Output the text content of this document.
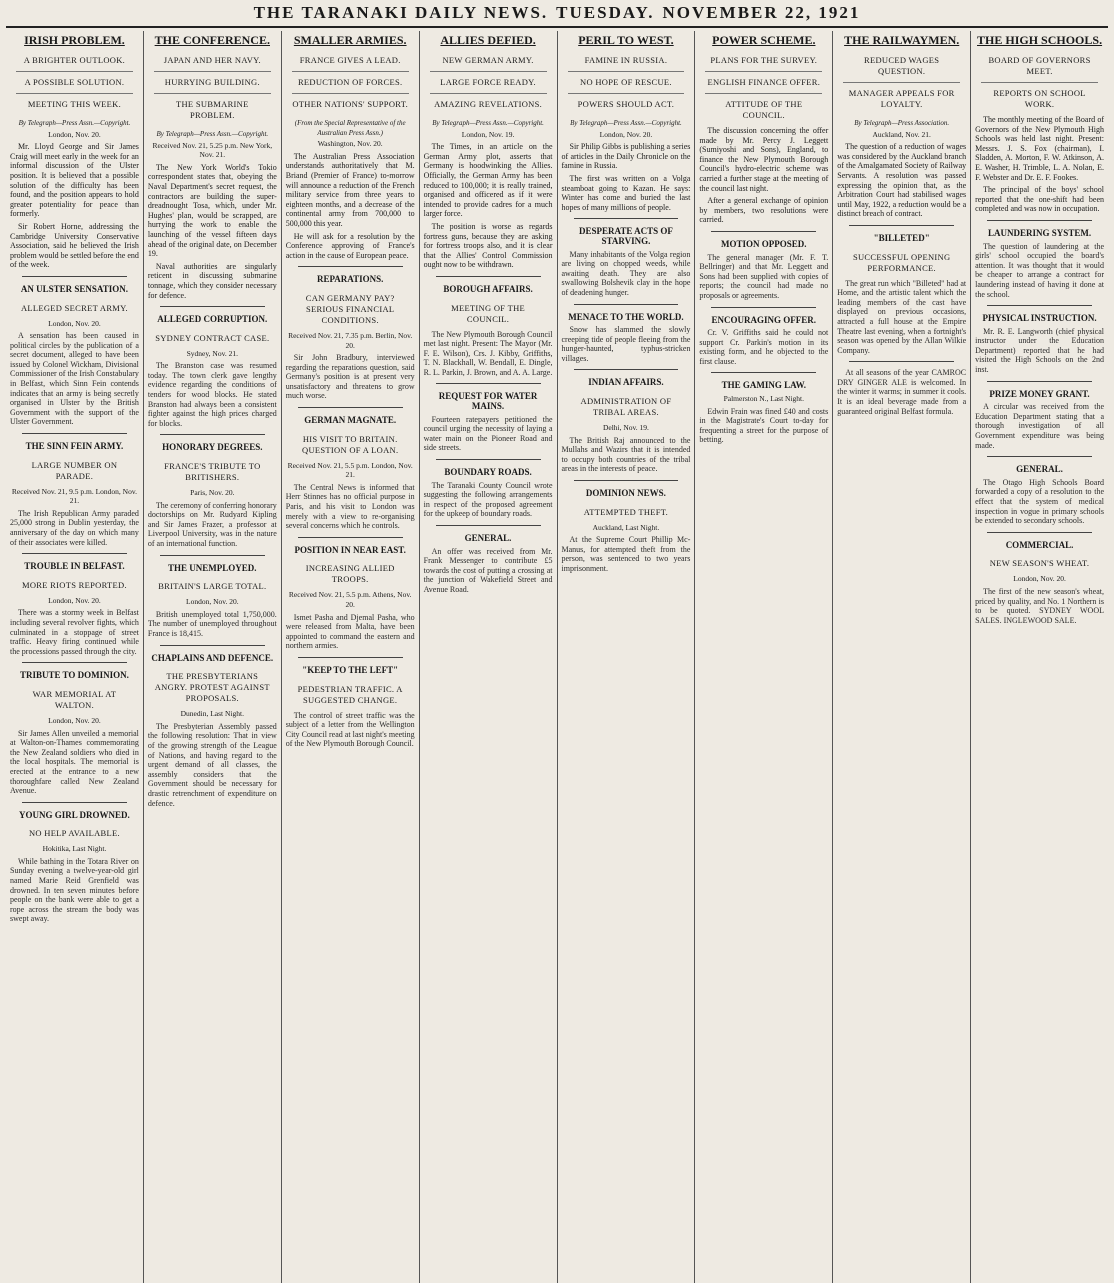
THE TARANAKI DAILY NEWS. TUESDAY. NOVEMBER 22, 1921
IRISH PROBLEM.
A BRIGHTER OUTLOOK.
A POSSIBLE SOLUTION.
MEETING THIS WEEK.
By Telegraph—Press Assn.—Copyright.
London, Nov. 20.

Mr. Lloyd George and Sir James Craig will meet early in the week for an informal discussion of the Ulster position. It is believed that a possible solution of the difficulty has been found, and the position appears to hold greater potentiality for peace than formerly.

Sir Robert Horne, addressing the Cambridge University Conservative Association, said he believed the Irish problem would be settled before the end of the week.

AN ULSTER SENSATION.
ALLEGED SECRET ARMY.
London, Nov. 20.

A sensation has been caused in political circles by the publication of a secret document, alleged to have been issued by Colonel Wickham, Divisional Commissioner of the Irish Constabulary in Belfast, which Sinn Fein contends indicates that an army is being secretly organised in Ulster by the British Government with the support of the Ulster Government.

THE SINN FEIN ARMY.
LARGE NUMBER ON PARADE.
Received Nov. 21, 9.5 p.m. London, Nov. 21.

The Irish Republican Army paraded 25,000 strong in Dublin yesterday, the anniversary of the day on which many of their associates were killed.

TROUBLE IN BELFAST.
MORE RIOTS REPORTED.
London, Nov. 20.

There was a stormy week in Belfast including several revolver fights, which culminated in a stoppage of street traffic. Heavy firing continued while the processions passed through the city.

TRIBUTE TO DOMINION.
WAR MEMORIAL AT WALTON.
London, Nov. 20.

Sir James Allen unveiled a memorial at Walton-on-Thames commemorating the New Zealand soldiers who died in the local hospitals. The memorial is erected at the entrance to a new thoroughfare called New Zealand Avenue.

YOUNG GIRL DROWNED.
NO HELP AVAILABLE.
Hokitika, Last Night.

While bathing in the Totara River on Sunday evening a twelve-year-old girl named Marie Reid Grenfield was drowned. In ten seven minutes before people on the bank were able to get a rope across the stream the body was swept away.

THE CONFERENCE.
JAPAN AND HER NAVY.
HURRYING BUILDING.
THE SUBMARINE PROBLEM.
By Telegraph—Press Assn.—Copyright.
Received Nov. 21, 5.25 p.m. New York, Nov. 21.

The New York World's Tokio correspondent states that, obeying the Naval Department's secret request, the contractors are building the super-dreadnought Tosa, which, under Mr. Hughes' plan, would be scrapped, are hurrying the work to enable the launching of the vessel fifteen days ahead of the original date, on December 19.

Naval authorities are singularly reticent in discussing submarine tonnage, which they consider necessary for defence.

ALLEGED CORRUPTION.
SYDNEY CONTRACT CASE.
Sydney, Nov. 21.

The Branston case was resumed today. The town clerk gave lengthy evidence regarding the conditions of tenders for wood blocks. He stated Branston had always been a consistent fighter against the high prices charged for blocks.

HONORARY DEGREES.
FRANCE'S TRIBUTE TO BRITISHERS.
Paris, Nov. 20.

The ceremony of conferring honorary doctorships on Mr. Rudyard Kipling and Sir James Frazer, a professor at Liverpool University, was in the nature of an international function.

THE UNEMPLOYED.
BRITAIN'S LARGE TOTAL.
London, Nov. 20.

British unemployed total 1,750,000. The number of unemployed throughout France is 18,415.

CHAPLAINS AND DEFENCE.
THE PRESBYTERIANS ANGRY. PROTEST AGAINST PROPOSALS.
Dunedin, Last Night.

The Presbyterian Assembly passed the following resolution: That in view of the growing strength of the League of Nations, and having regard to the urgent demand of all classes, the assembly considers that the Government should be necessary for drastic retrenchment of expenditure on defence.

SMALLER ARMIES.
FRANCE GIVES A LEAD.
REDUCTION OF FORCES.
OTHER NATIONS' SUPPORT.
(From the Special Representative of the Australian Press Assn.)
Washington, Nov. 20.

The Australian Press Association understands authoritatively that M. Briand (Premier of France) to-morrow will announce a reduction of the French military service from three years to eighteen months, and a decrease of the continental army from 700,000 to 500,000 this year.

He will ask for a resolution by the Conference approving of France's action in the cause of European peace.

REPARATIONS.
CAN GERMANY PAY? SERIOUS FINANCIAL CONDITIONS.
Received Nov. 21, 7.35 p.m. Berlin, Nov. 20.

Sir John Bradbury, interviewed regarding the reparations question, said Germany's position is at present very unsatisfactory and threatens to grow much worse.

GERMAN MAGNATE.
HIS VISIT TO BRITAIN. QUESTION OF A LOAN.
Received Nov. 21, 5.5 p.m. London, Nov. 21.

The Central News is informed that Herr Stinnes has no official purpose in Paris, and his visit to London was merely with a view to re-organising several concerns which he controls.

POSITION IN NEAR EAST.
INCREASING ALLIED TROOPS.
Received Nov. 21, 5.5 p.m. Athens, Nov. 20.

Ismet Pasha and Djemal Pasha, who were released from Malta, have been appointed to command the eastern and northern armies.

"KEEP TO THE LEFT"
PEDESTRIAN TRAFFIC. A SUGGESTED CHANGE.

The control of street traffic was the subject of a letter from the Wellington City Council read at last night's meeting of the New Plymouth Borough Council.

ALLIES DEFIED.
NEW GERMAN ARMY.
LARGE FORCE READY.
AMAZING REVELATIONS.
By Telegraph—Press Assn.—Copyright.
London, Nov. 19.

The Times, in an article on the German Army plot, asserts that Germany is hoodwinking the Allies. Officially, the German Army has been reduced to 100,000; it is really trained, organised and officered as if it were intended to provide cadres for a much larger force.

The position is worse as regards fortress guns, because they are asking for fortress troops also, and it is clear that the Allies' Control Commission ought now to be withdrawn.

BOROUGH AFFAIRS.
MEETING OF THE COUNCIL.

The New Plymouth Borough Council met last night. Present: The Mayor (Mr. F. E. Wilson), Crs. J. Kibby, Griffiths, T. N. Blackhall, W. Bendall, E. Dingle, R. L. Parkin, J. Brown, and A. A. Large.

REQUEST FOR WATER MAINS.

Fourteen ratepayers petitioned the council urging the necessity of laying a water main on the Pioneer Road and side streets.

BOUNDARY ROADS.

The Taranaki County Council wrote suggesting the following arrangements in respect of the proposed agreement for the upkeep of boundary roads.

GENERAL.

An offer was received from Mr. Frank Messenger to contribute £5 towards the cost of putting a crossing at the junction of Wakefield Street and Avenue Road.

PERIL TO WEST.
FAMINE IN RUSSIA.
NO HOPE OF RESCUE.
POWERS SHOULD ACT.
By Telegraph—Press Assn.—Copyright.
London, Nov. 20.

Sir Philip Gibbs is publishing a series of articles in the Daily Chronicle on the famine in Russia.

The first was written on a Volga steamboat going to Kazan. He says: Winter has come and buried the last hopes of many millions of people.

DESPERATE ACTS OF STARVING.

Many inhabitants of the Volga region are living on chopped weeds, while awaiting death. They are also swallowing Bolshevik clay in the hope of deadening hunger.

MENACE TO THE WORLD.

Snow has slammed the slowly creeping tide of people fleeing from the hunger-haunted, typhus-stricken villages.

INDIAN AFFAIRS.
ADMINISTRATION OF TRIBAL AREAS.
Delhi, Nov. 19.

The British Raj announced to the Mullahs and Wazirs that it is intended to occupy both countries of the tribal areas in the interests of peace.

DOMINION NEWS.
ATTEMPTED THEFT.
Auckland, Last Night.

At the Supreme Court Phillip Mc-Manus, for attempted theft from the person, was sentenced to two years imprisonment.

POWER SCHEME.
PLANS FOR THE SURVEY.
ENGLISH FINANCE OFFER.
ATTITUDE OF THE COUNCIL.

The discussion concerning the offer made by Mr. Percy J. Leggett (Sumiyoshi and Sons), England, to finance the New Plymouth Borough Council's hydro-electric scheme was carried a further stage at the meeting of the council last night.

After a general exchange of opinion by members, two resolutions were carried.

MOTION OPPOSED.

The general manager (Mr. F. T. Bellringer) and that Mr. Leggett and Sons had been supplied with copies of reports; the council had made no proposals or agreements.

ENCOURAGING OFFER.

Cr. V. Griffiths said he could not support Cr. Parkin's motion in its existing form, and he objected to the first clause.

THE GAMING LAW.
Palmerston N., Last Night.

Edwin Frain was fined £40 and costs in the Magistrate's Court to-day for frequenting a street for the purpose of betting.

THE RAILWAYMEN.
REDUCED WAGES QUESTION.
MANAGER APPEALS FOR LOYALTY.
By Telegraph—Press Association.
Auckland, Nov. 21.

The question of a reduction of wages was considered by the Auckland branch of the Amalgamated Society of Railway Servants. A resolution was passed expressing the opinion that, as the Arbitration Court had stabilised wages until May, 1922, a reduction would be a distinct breach of contract.

"BILLETED"
SUCCESSFUL OPENING PERFORMANCE.

The great run which "Billeted" had at Home, and the artistic talent which the leading members of the cast have displayed on previous occasions, attracted a full house at the Empire Theatre last evening, when a fortnight's season was opened by the Allan Wilkie Company.

At all seasons of the year CAMROC DRY GINGER ALE is welcomed. In the winter it warms; in summer it cools. It is an ideal beverage made from a guaranteed original Belfast formula.

THE HIGH SCHOOLS.
BOARD OF GOVERNORS MEET.
REPORTS ON SCHOOL WORK.

The monthly meeting of the Board of Governors of the New Plymouth High Schools was held last night. Present: Messrs. J. S. Fox (chairman), I. Sladden, A. Morton, F. W. Atkinson, A. E. Washer, H. Trimble, L. A. Nolan, E. F. Webster and Dr. E. F. Fookes.

The principal of the boys' school reported that the one-shift had been completed and was now in occupation.

LAUNDERING SYSTEM.

The question of laundering at the girls' school occupied the board's attention. It was thought that it would be cheaper to arrange a contract for laundering instead of having it done at the school.

PHYSICAL INSTRUCTION.

Mr. R. E. Langworth (chief physical instructor under the Education Department) reported that he had visited the High Schools on the 2nd inst.

PRIZE MONEY GRANT.

A circular was received from the Education Department stating that a thorough investigation of all Government expenditure was being made.

GENERAL.

The Otago High Schools Board forwarded a copy of a resolution to the effect that the system of medical inspection in vogue in primary schools be extended to secondary schools.

COMMERCIAL.
NEW SEASON'S WHEAT.
London, Nov. 20.

The first of the new season's wheat, priced by quality, and No. 1 Northern is to be quoted. SYDNEY WOOL SALES. INGLEWOOD SALE.
